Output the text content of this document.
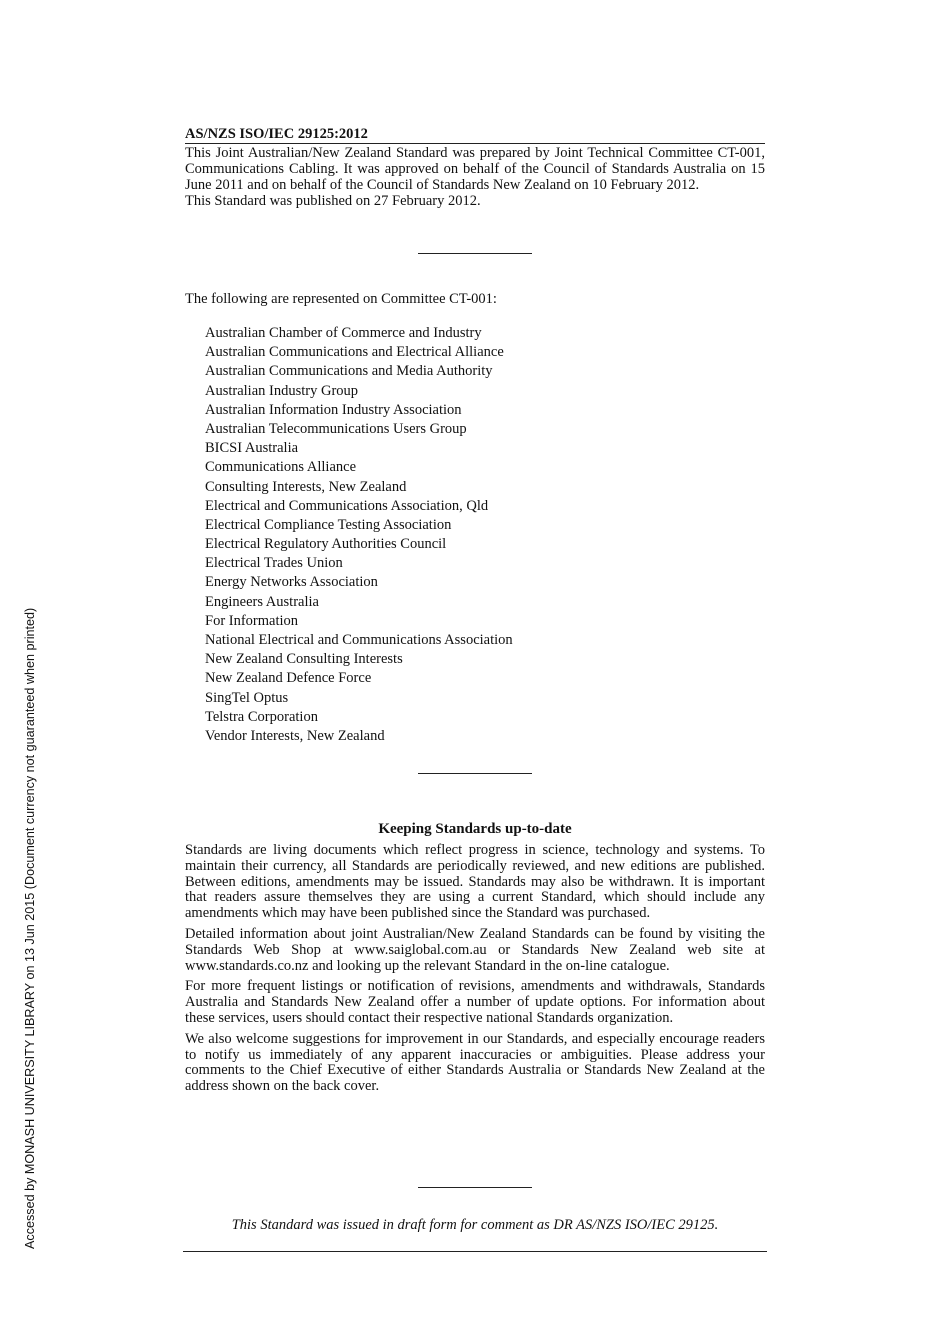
Accessed by MONASH UNIVERSITY LIBRARY on 13 Jun 2015 (Document currency not guaranteed when printed)
AS/NZS ISO/IEC 29125:2012

This Joint Australian/New Zealand Standard was prepared by Joint Technical Committee CT-001, Communications Cabling. It was approved on behalf of the Council of Standards Australia on 15 June 2011 and on behalf of the Council of Standards New Zealand on 10 February 2012.

This Standard was published on 27 February 2012.

The following are represented on Committee CT-001:
Australian Chamber of Commerce and Industry
Australian Communications and Electrical Alliance
Australian Communications and Media Authority
Australian Industry Group
Australian Information Industry Association
Australian Telecommunications Users Group
BICSI Australia
Communications Alliance
Consulting Interests, New Zealand
Electrical and Communications Association, Qld
Electrical Compliance Testing Association
Electrical Regulatory Authorities Council
Electrical Trades Union
Energy Networks Association
Engineers Australia
For Information
National Electrical and Communications Association
New Zealand Consulting Interests
New Zealand Defence Force
SingTel Optus
Telstra Corporation
Vendor Interests, New Zealand
Keeping Standards up-to-date

Standards are living documents which reflect progress in science, technology and systems. To maintain their currency, all Standards are periodically reviewed, and new editions are published. Between editions, amendments may be issued. Standards may also be withdrawn. It is important that readers assure themselves they are using a current Standard, which should include any amendments which may have been published since the Standard was purchased.

Detailed information about joint Australian/New Zealand Standards can be found by visiting the Standards Web Shop at www.saiglobal.com.au or Standards New Zealand web site at www.standards.co.nz and looking up the relevant Standard in the on-line catalogue.

For more frequent listings or notification of revisions, amendments and withdrawals, Standards Australia and Standards New Zealand offer a number of update options. For information about these services, users should contact their respective national Standards organization.

We also welcome suggestions for improvement in our Standards, and especially encourage readers to notify us immediately of any apparent inaccuracies or ambiguities. Please address your comments to the Chief Executive of either Standards Australia or Standards New Zealand at the address shown on the back cover.

This Standard was issued in draft form for comment as DR AS/NZS ISO/IEC 29125.
